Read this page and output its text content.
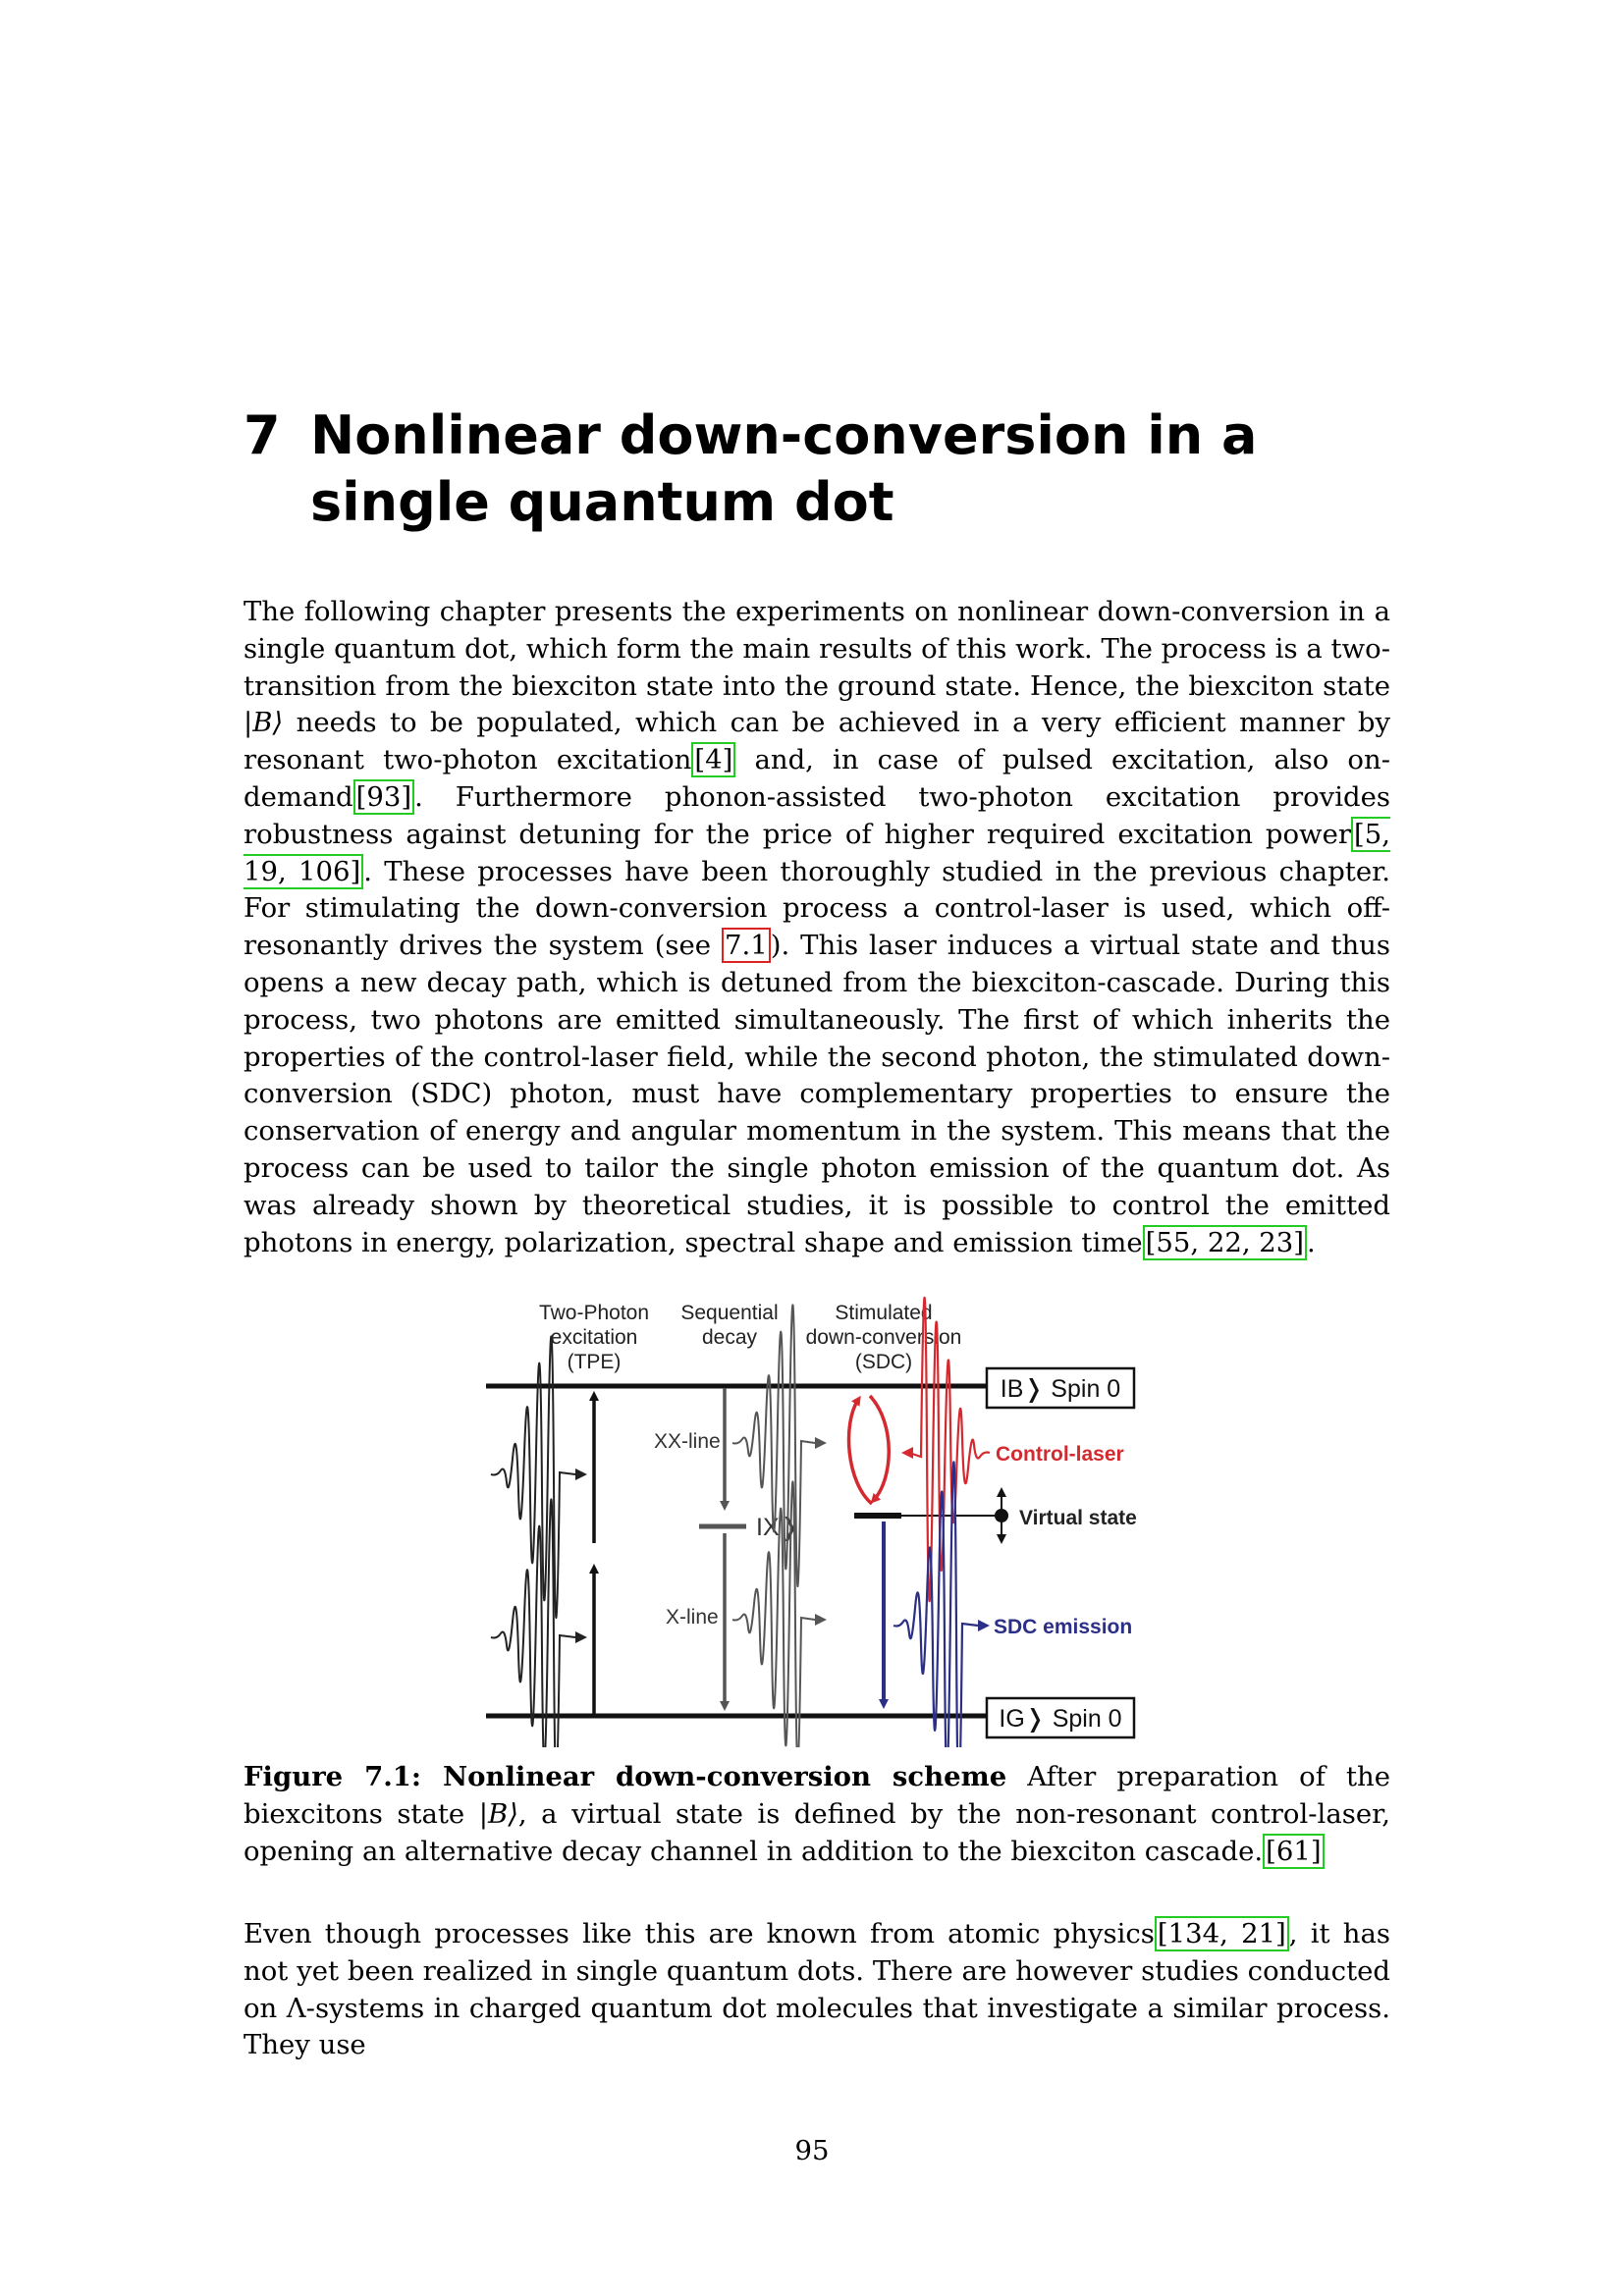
7 Nonlinear down-conversion in a single quantum dot

The following chapter presents the experiments on nonlinear down-conversion in a single quantum dot, which form the main results of this work. The process is a two-transition from the biexciton state into the ground state. Hence, the biexciton state |B⟩ needs to be populated, which can be achieved in a very efficient manner by resonant two-photon excitation [4] and, in case of pulsed excitation, also on-demand [93] . Furthermore phonon-assisted two-photon excitation provides robustness against detuning for the price of higher required excitation power [5, 19, 106] . These processes have been thoroughly studied in the previous chapter. For stimulating the down-conversion process a control-laser is used, which off-resonantly drives the system (see 7.1 ). This laser induces a virtual state and thus opens a new decay path, which is detuned from the biexciton-cascade. During this process, two photons are emitted simultaneously. The first of which inherits the properties of the control-laser field, while the second photon, the stimulated down-conversion (SDC) photon, must have complementary properties to ensure the conservation of energy and angular momentum in the system. This means that the process can be used to tailor the single photon emission of the quantum dot. As was already shown by theoretical studies, it is possible to control the emitted photons in energy, polarization, spectral shape and emission time [55, 22, 23] .

Two-Photon
excitation
(TPE)
Sequential
decay
Stimulated
down-conversion
(SDC)
IB❭ Spin 0
IG❭ Spin 0
IX❭
XX-line
X-line
Virtual state
Control-laser
SDC emission

Figure 7.1: Nonlinear down-conversion scheme After preparation of the biexcitons state |B⟩, a virtual state is defined by the non-resonant control-laser, opening an alternative decay channel in addition to the biexciton cascade. [61]

Even though processes like this are known from atomic physics [134, 21] , it has not yet been realized in single quantum dots. There are however studies conducted on Λ-systems in charged quantum dot molecules that investigate a similar process. They use

95
